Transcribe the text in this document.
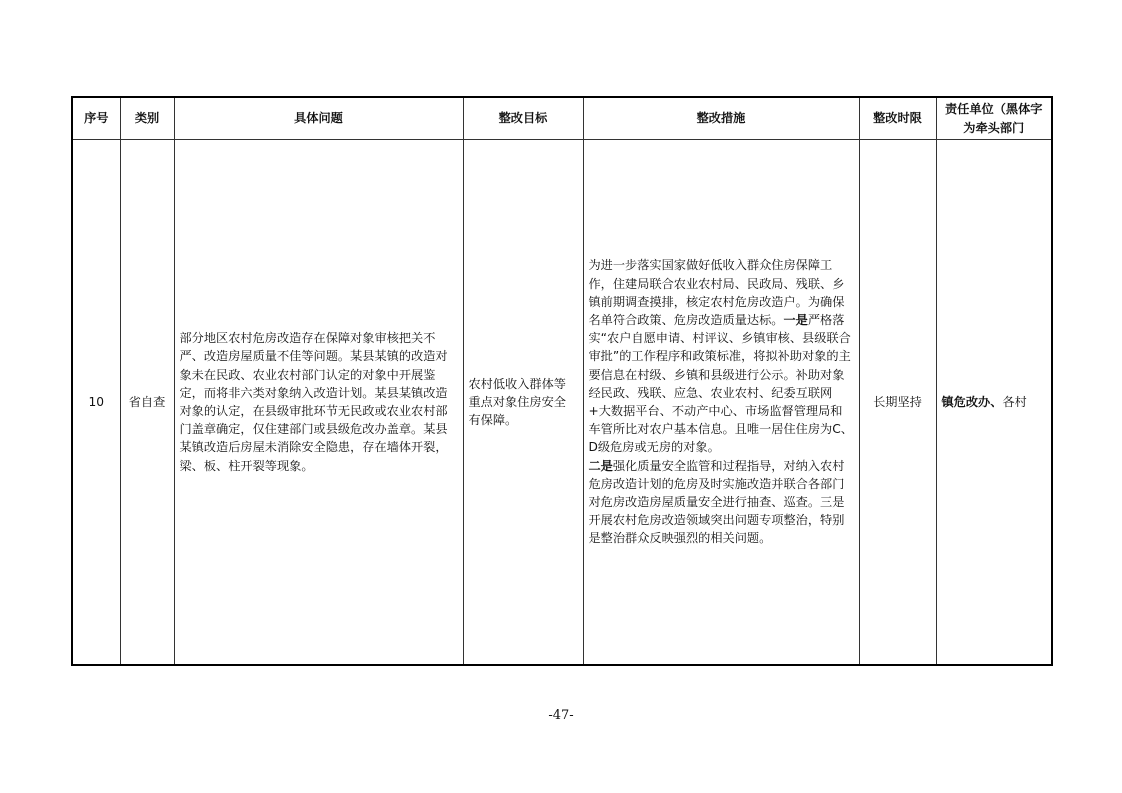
序号	类别	具体问题	整改目标	整改措施	整改时限	责任单位（黑体字为牵头部门
10	省自查	部分地区农村危房改造存在保障对象审核把关不严、改造房屋质量不佳等问题。某县某镇的改造对象未在民政、农业农村部门认定的对象中开展鉴定，而将非六类对象纳入改造计划。某县某镇改造对象的认定，在县级审批环节无民政或农业农村部门盖章确定，仅住建部门或县级危改办盖章。某县某镇改造后房屋未消除安全隐患，存在墙体开裂，梁、板、柱开裂等现象。	农村低收入群体等重点对象住房安全有保障。	为进一步落实国家做好低收入群众住房保障工作，住建局联合农业农村局、民政局、残联、乡镇前期调查摸排，核定农村危房改造户。为确保名单符合政策、危房改造质量达标。一是严格落实“农户自愿申请、村评议、乡镇审核、县级联合审批”的工作程序和政策标准，将拟补助对象的主要信息在村级、乡镇和县级进行公示。补助对象经民政、残联、应急、农业农村、纪委互联网+大数据平台、不动产中心、市场监督管理局和车管所比对农户基本信息。且唯一居住住房为C、D级危房或无房的对象。
二是强化质量安全监管和过程指导，对纳入农村危房改造计划的危房及时实施改造并联合各部门对危房改造房屋质量安全进行抽查、巡查。三是开展农村危房改造领域突出问题专项整治，特别是整治群众反映强烈的相关问题。	长期坚持	镇危改办、各村
-47-
